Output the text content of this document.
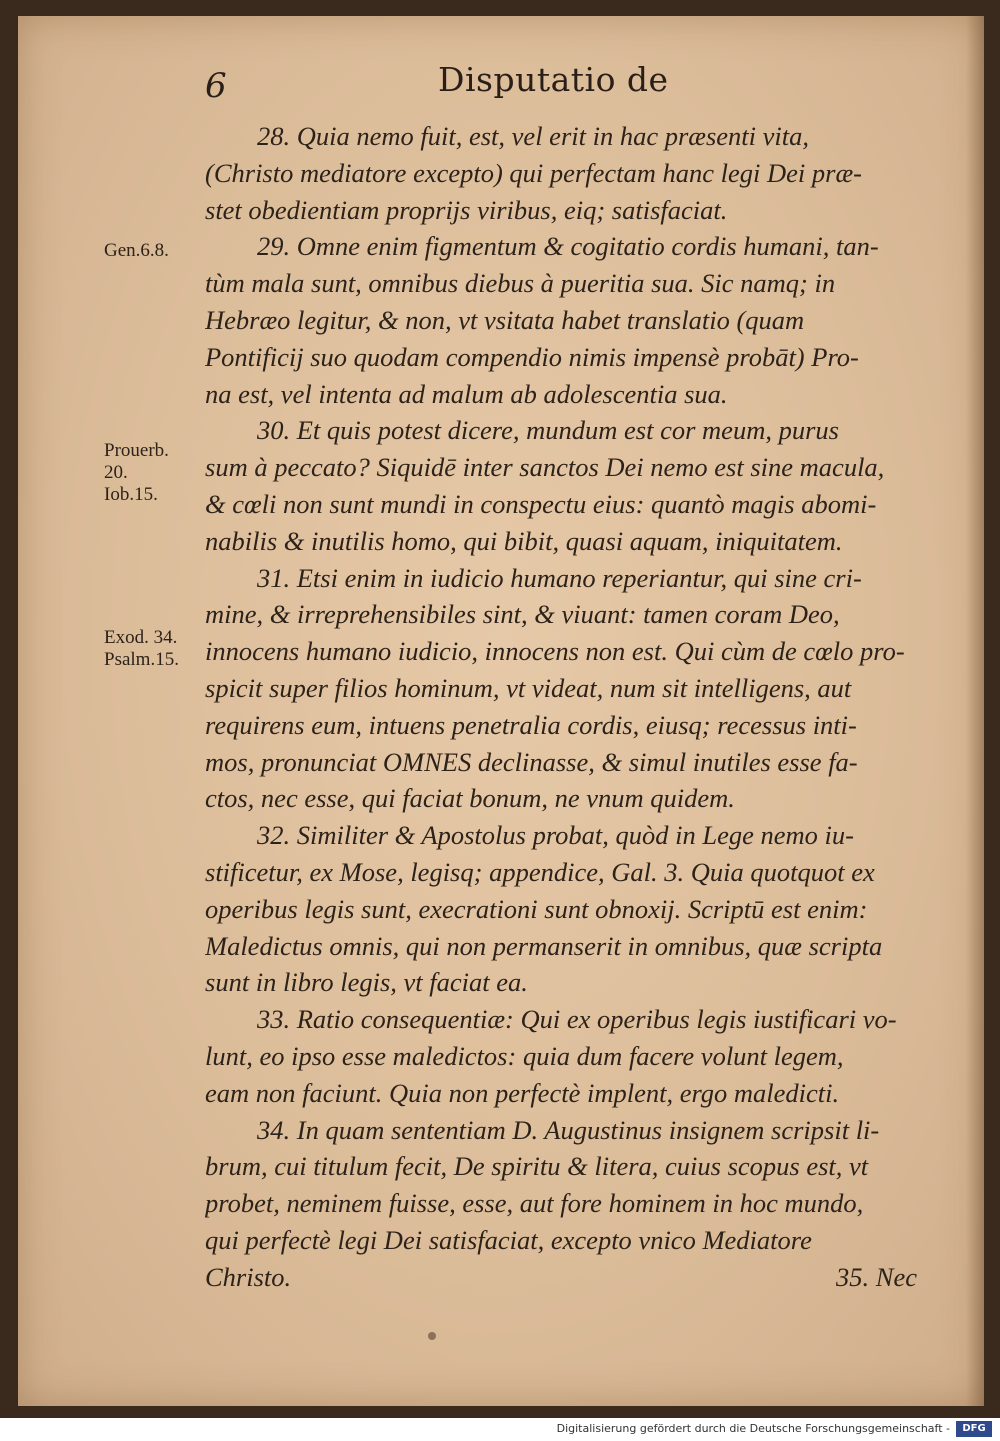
6	Disputatio de
28. Quia nemo fuit, est, vel erit in hac præsenti vita,
(Christo mediatore excepto) qui perfectam hanc legi Dei præ-
stet obedientiam proprijs viribus, eiq; satisfaciat.
29. Omne enim figmentum & cogitatio cordis humani, tan-
tùm mala sunt, omnibus diebus à pueritia sua. Sic namq; in
Hebræo legitur, & non, vt vsitata habet translatio (quam
Pontificij suo quodam compendio nimis impensè probāt) Pro-
na est, vel intenta ad malum ab adolescentia sua.
30. Et quis potest dicere, mundum est cor meum, purus
sum à peccato? Siquidē inter sanctos Dei nemo est sine macula,
& cœli non sunt mundi in conspectu eius: quantò magis abomi-
nabilis & inutilis homo, qui bibit, quasi aquam, iniquitatem.
31. Etsi enim in iudicio humano reperiantur, qui sine cri-
mine, & irreprehensibiles sint, & viuant: tamen coram Deo,
innocens humano iudicio, innocens non est. Qui cùm de cœlo pro-
spicit super filios hominum, vt videat, num sit intelligens, aut
requirens eum, intuens penetralia cordis, eiusq; recessus inti-
mos, pronunciat OMNES declinasse, & simul inutiles esse fa-
ctos, nec esse, qui faciat bonum, ne vnum quidem.
32. Similiter & Apostolus probat, quòd in Lege nemo iu-
stificetur, ex Mose, legisq; appendice, Gal. 3. Quia quotquot ex
operibus legis sunt, execrationi sunt obnoxij. Scriptū est enim:
Maledictus omnis, qui non permanserit in omnibus, quæ scripta
sunt in libro legis, vt faciat ea.
33. Ratio consequentiæ: Qui ex operibus legis iustificari vo-
lunt, eo ipso esse maledictos: quia dum facere volunt legem,
eam non faciunt. Quia non perfectè implent, ergo maledicti.
34. In quam sententiam D. Augustinus insignem scripsit li-
brum, cui titulum fecit, De spiritu & litera, cuius scopus est, vt
probet, neminem fuisse, esse, aut fore hominem in hoc mundo,
qui perfectè legi Dei satisfaciat, excepto vnico Mediatore
Christo.	35. Nec
Gen.6.8.
Prouerb.
20.
Iob.15.
Exod. 34.
Psalm.15.
Digitalisierung gefördert durch die Deutsche Forschungsgemeinschaft -	DFG
